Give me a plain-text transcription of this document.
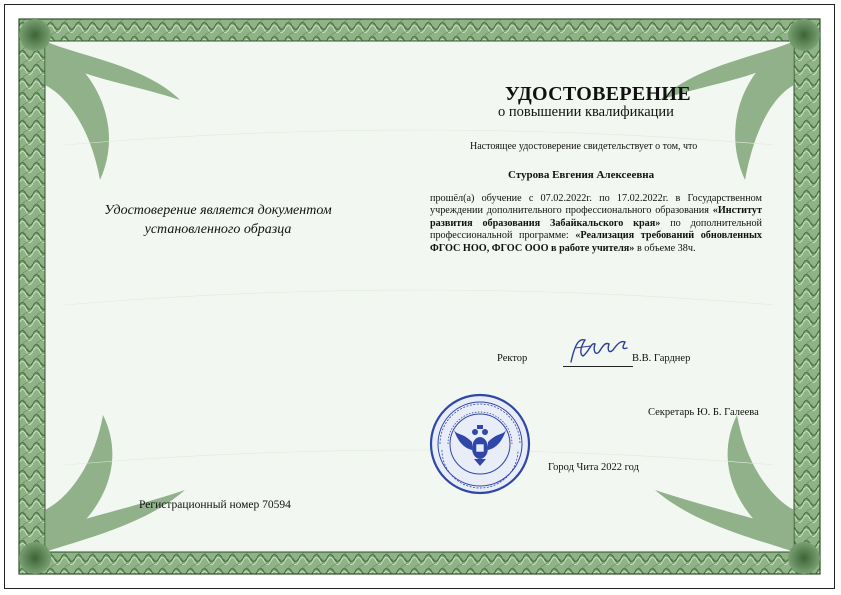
УДОСТОВЕРЕНИЕ
о повышении квалификации
Настоящее удостоверение свидетельствует о том, что
Стурова Евгения Алексеевна
прошёл(а) обучение с 07.02.2022г. по 17.02.2022г. в Государственном учреждении дополнительного профессионального образования «Институт развития образования Забайкальского края» по дополнительной профессиональной программе: «Реализация требований обновленных ФГОС НОО, ФГОС ООО в работе учителя» в объеме 38ч.
Удостоверение является документом установленного образца
Ректор	В.В. Гарднер
Секретарь Ю. Б. Галеева
Город Чита 2022 год
Регистрационный номер 70594
